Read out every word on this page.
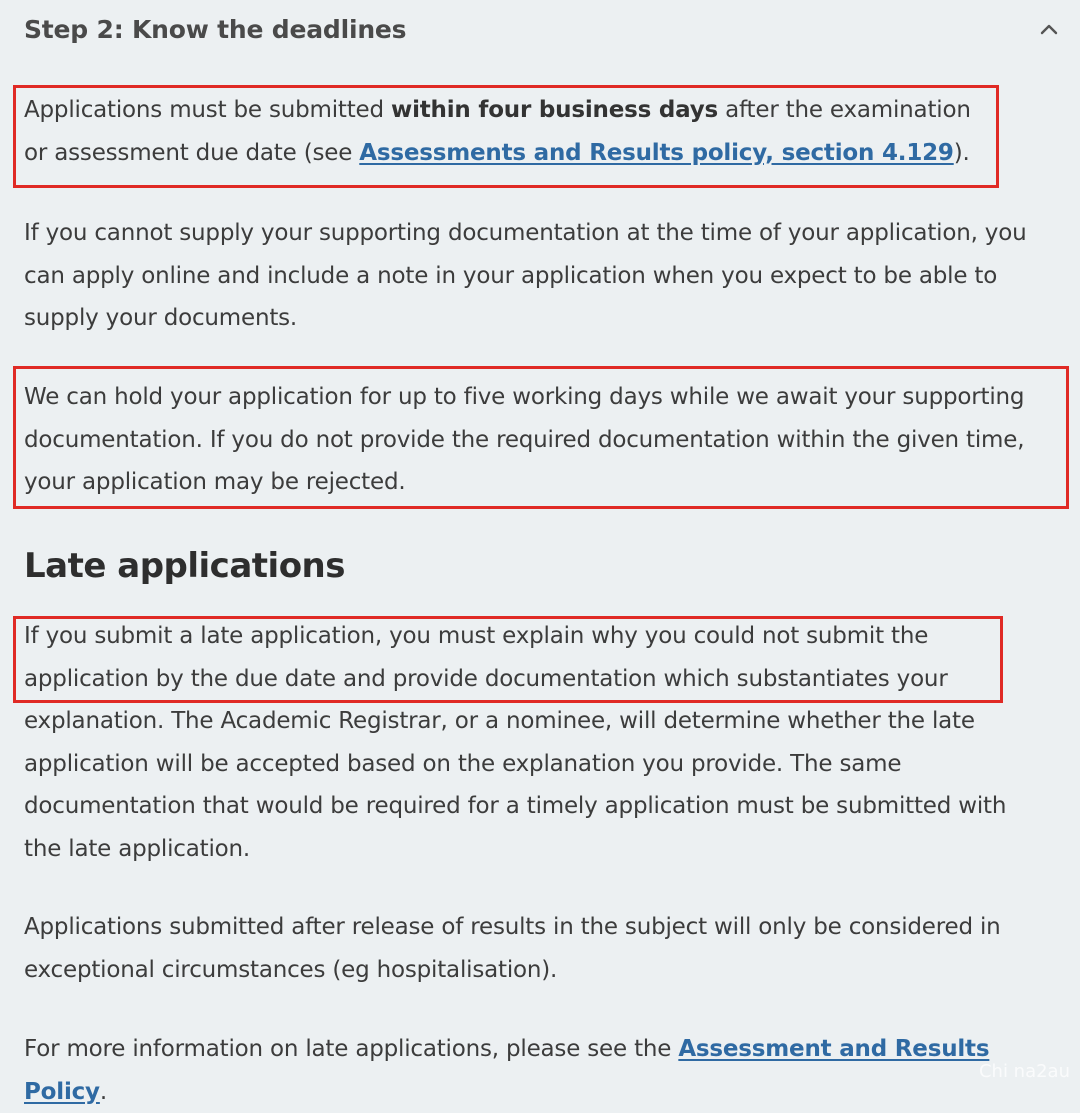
Step 2: Know the deadlines

Applications must be submitted within four business days after the examination or assessment due date (see Assessments and Results policy, section 4.129).

If you cannot supply your supporting documentation at the time of your application, you can apply online and include a note in your application when you expect to be able to supply your documents.

We can hold your application for up to five working days while we await your supporting documentation. If you do not provide the required documentation within the given time, your application may be rejected.

Late applications

If you submit a late application, you must explain why you could not submit the application by the due date and provide documentation which substantiates your explanation. The Academic Registrar, or a nominee, will determine whether the late application will be accepted based on the explanation you provide. The same documentation that would be required for a timely application must be submitted with the late application.

Applications submitted after release of results in the subject will only be considered in exceptional circumstances (eg hospitalisation).

For more information on late applications, please see the Assessment and Results Policy.

Chi na2au
